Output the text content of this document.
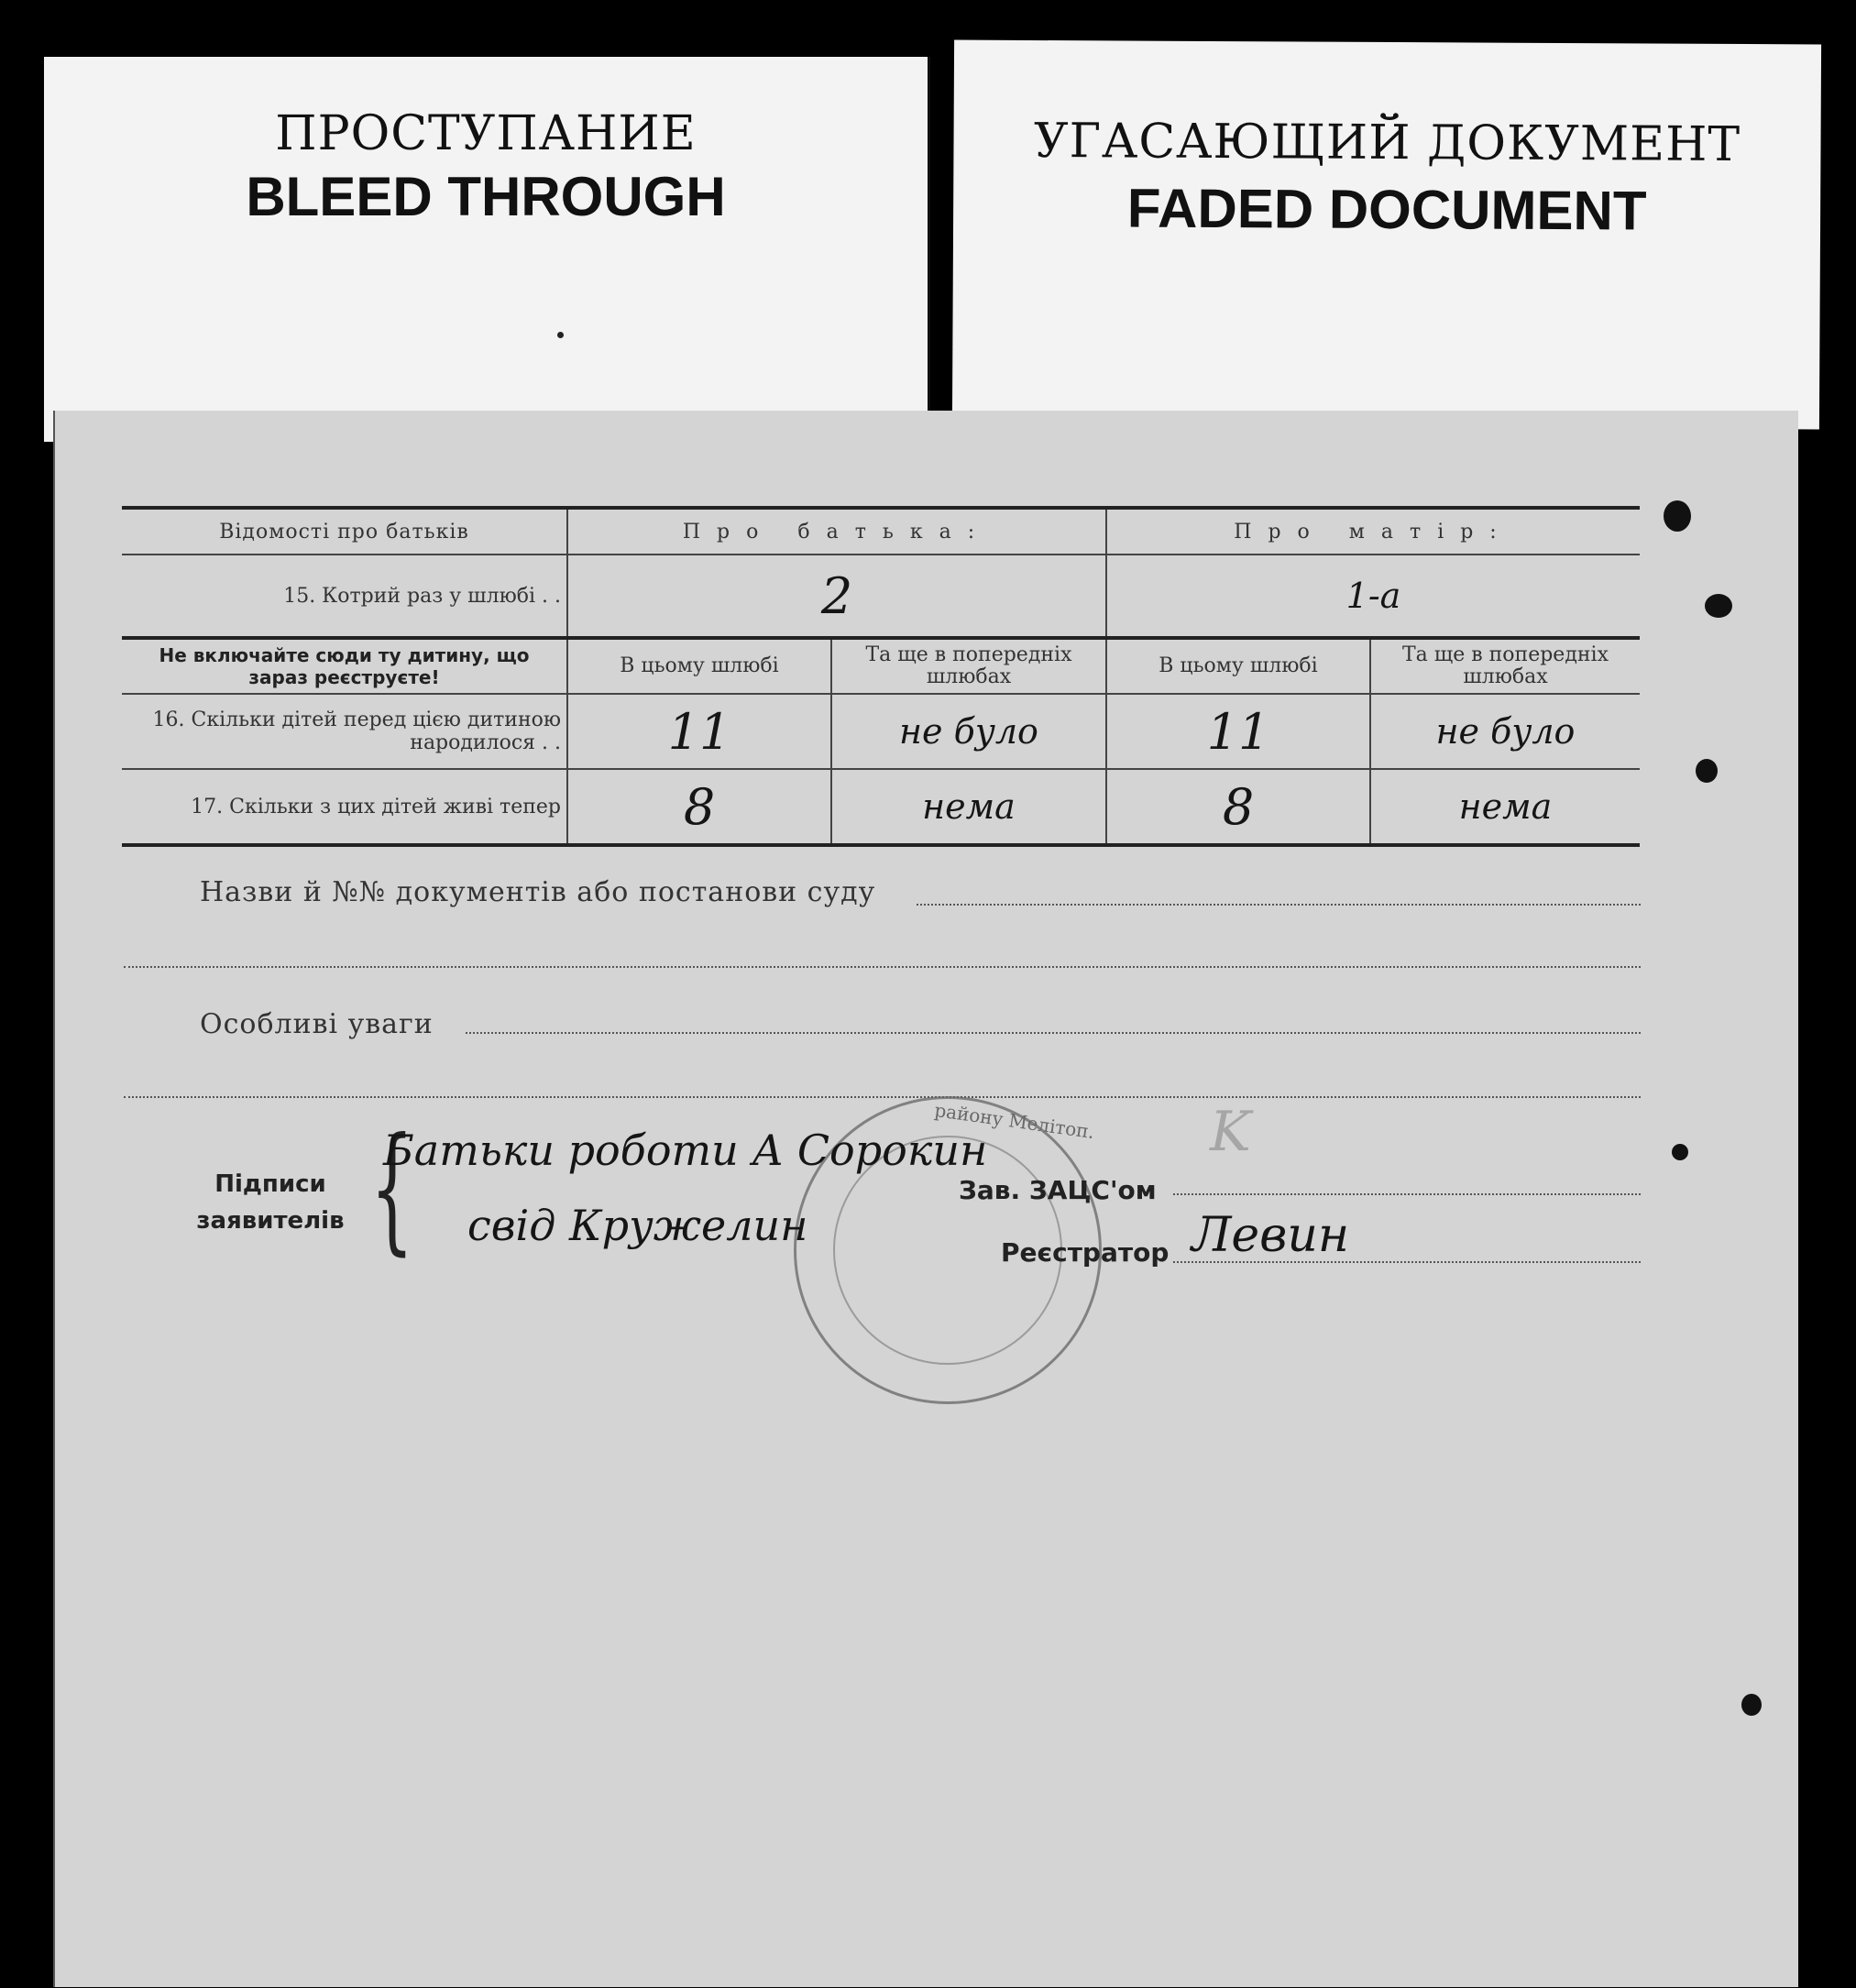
ПРОСТУПАНИЕ
BLEED THROUGH
УГАСАЮЩИЙ ДОКУМЕНТ
FADED DOCUMENT
Відомості про батьків	Про батька:		Про матір:	
15. Котрий раз у шлюбі . .	2		1-а	
Не включайте сюди ту дитину, що зараз реєструєте!	В цьому шлюбі	Та ще в попередніх шлюбах	В цьому шлюбі	Та ще в попередніх шлюбах
16. Скільки дітей перед цією дитиною народилося . .	11	не було	11	не було
17. Скільки з цих дітей живі тепер	8	нема	8	нема
Назви й №№ документів або постанови суду
Особливі уваги
району Мелітоп.
Підписи заявителів {
Батьки роботи А Сорокин
свід Кружелин
Зав. ЗАЦС'ом
K
Реєстратор Левин
